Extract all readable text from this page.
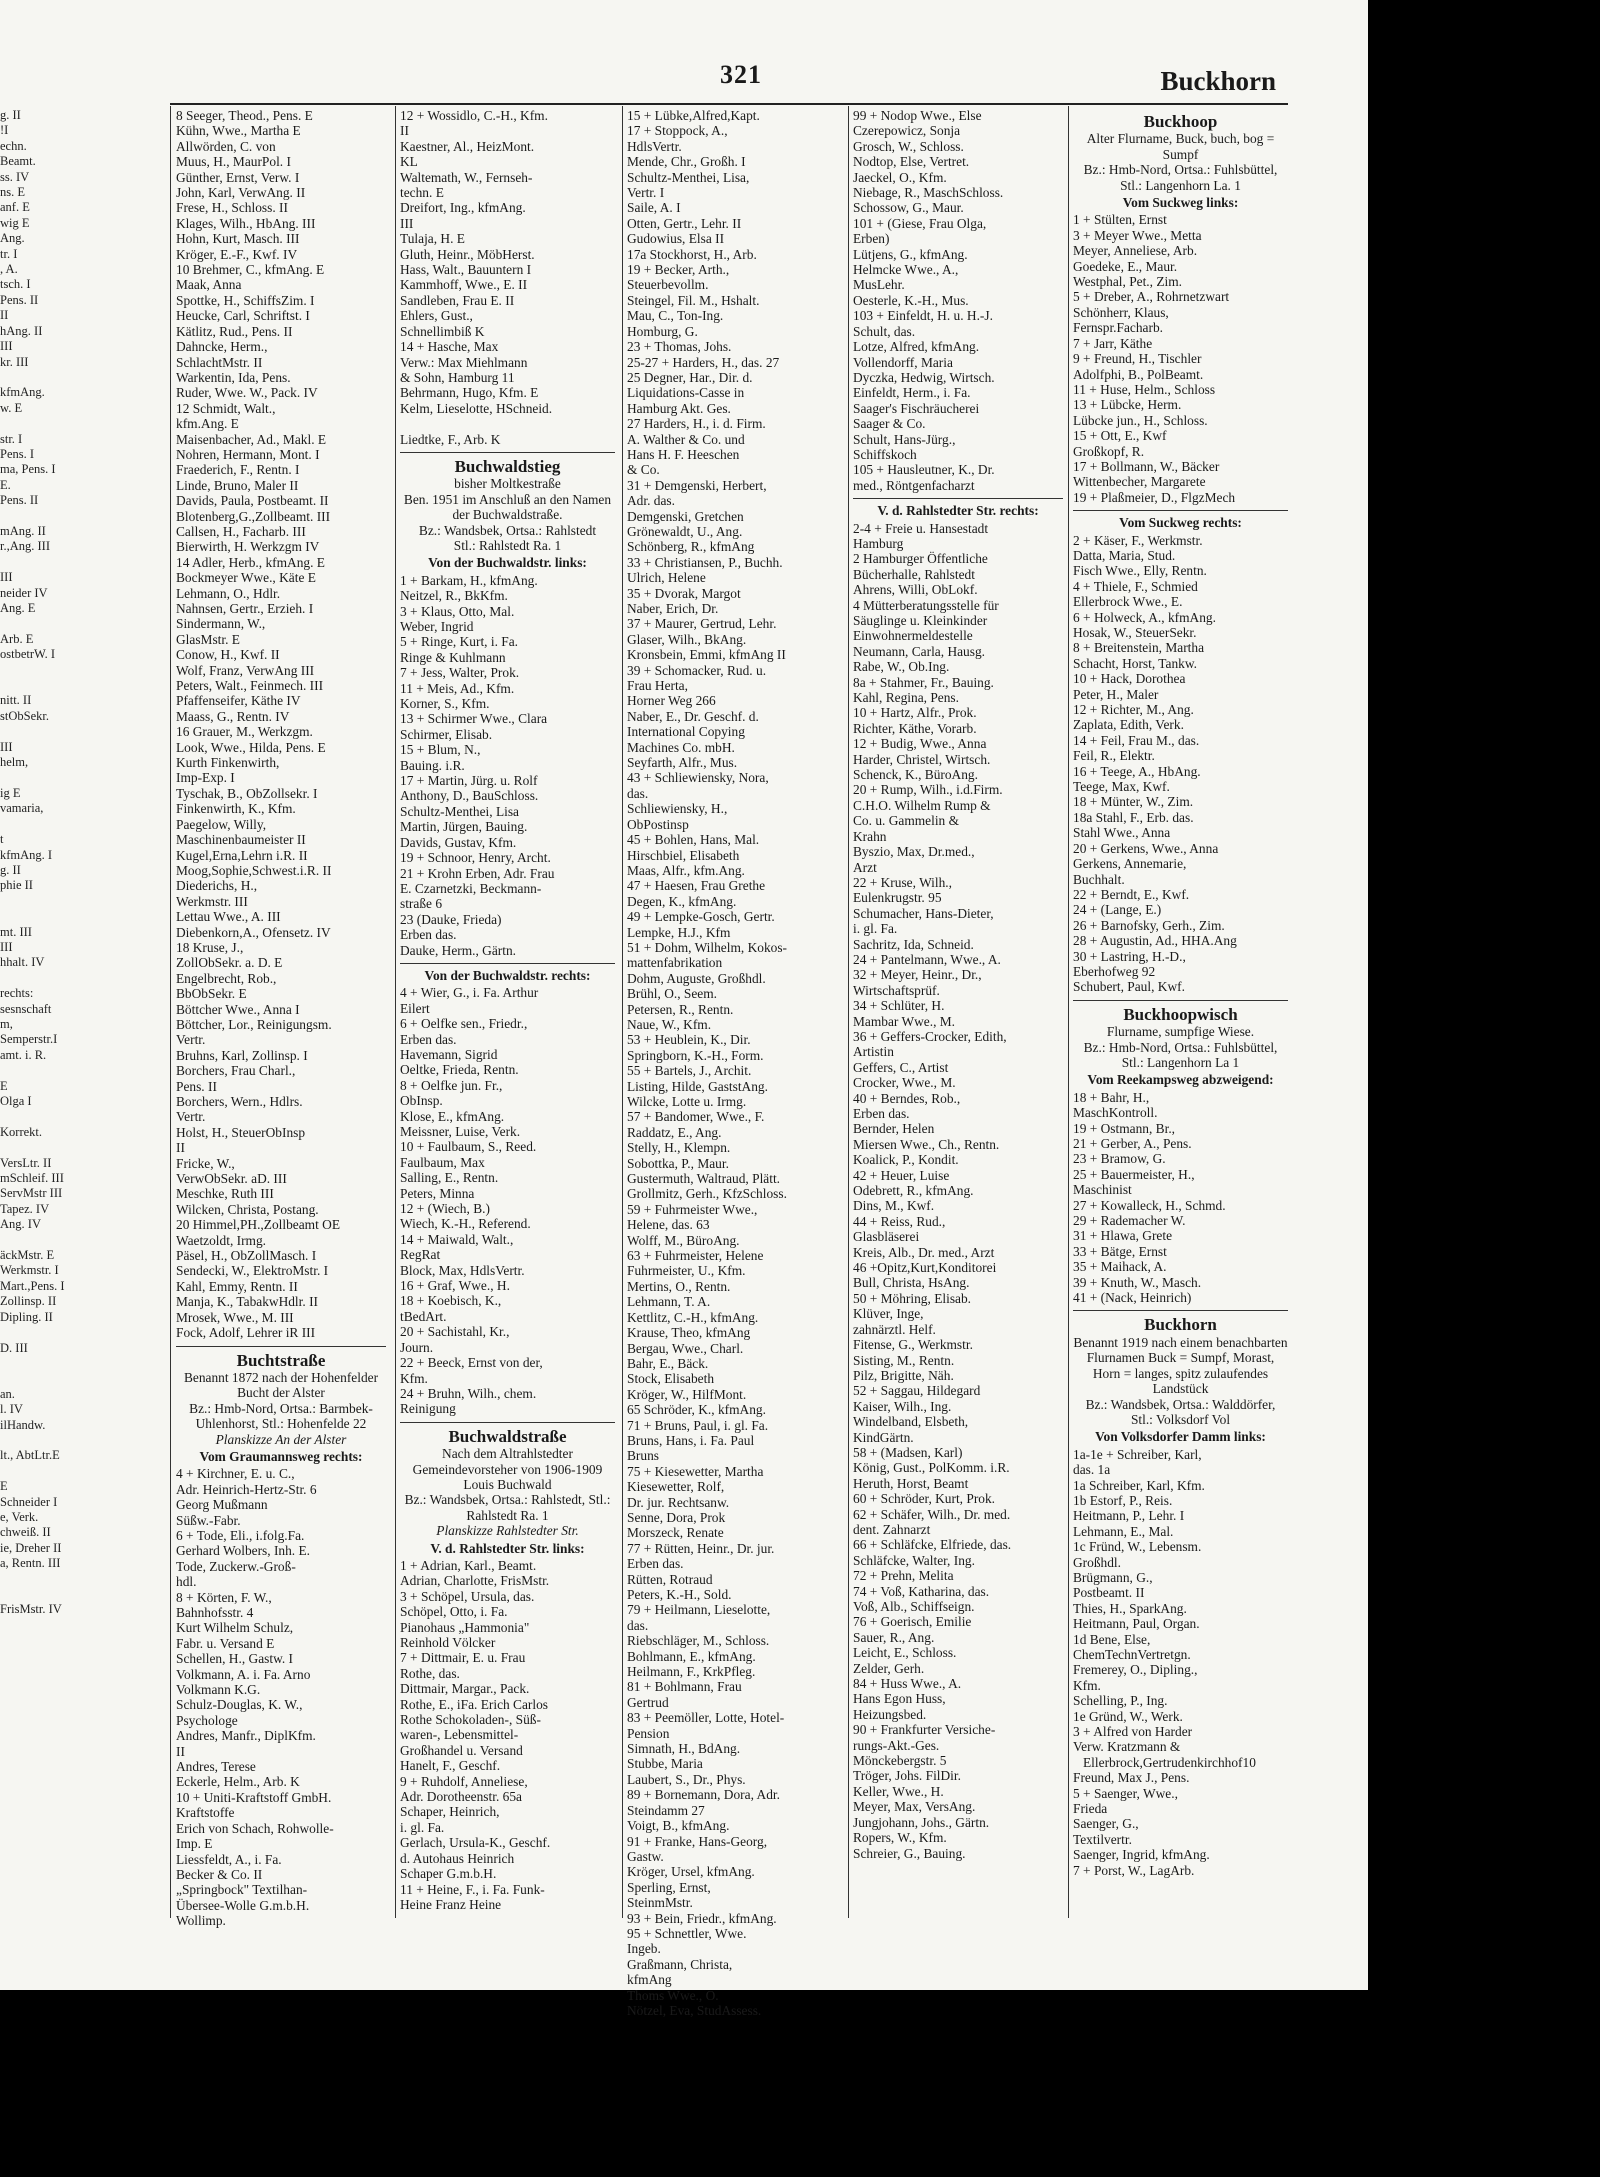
321	Buckhorn

g. II

!I

echn.

Beamt.

ss. IV

ns. E

anf. E

wig E

Ang.

tr. I

, A.

tsch. I

Pens. II

II

hAng. II

III

kr. III

kfmAng.

w. E

str. I

Pens. I

ma, Pens. I

E.

Pens. II

mAng. II

r.,Ang. III

III

neider IV

Ang. E

Arb. E

ostbetrW. I

nitt. II

stObSekr.

III

helm,

ig E

vamaria,

t

kfmAng. I

g. II

phie II

mt. III

III

hhalt. IV

rechts:

sesnschaft

m,

Semperstr.I

amt. i. R.

E

Olga I

Korrekt.

VersLtr. II

mSchleif. III

ServMstr III

Tapez. IV

Ang. IV

äckMstr. E

Werkmstr. I

Mart.,Pens. I

Zollinsp. II

Dipling. II

D. III

an.

l. IV

ilHandw.

lt., AbtLtr.E

E

Schneider I

e, Verk.

chweiß. II

ie, Dreher II

a, Rentn. III

FrisMstr. IV

8 Seeger, Theod., Pens. E

Kühn, Wwe., Martha E

Allwörden, C. von

Muus, H., MaurPol. I

Günther, Ernst, Verw. I

John, Karl, VerwAng. II

Frese, H., Schloss. II

Klages, Wilh., HbAng. III

Hohn, Kurt, Masch. III

Kröger, E.-F., Kwf. IV

10 Brehmer, C., kfmAng. E

Maak, Anna

Spottke, H., SchiffsZim. I

Heucke, Carl, Schriftst. I

Kätlitz, Rud., Pens. II

Dahncke, Herm.,

SchlachtMstr. II

Warkentin, Ida, Pens.

Ruder, Wwe. W., Pack. IV

12 Schmidt, Walt.,

kfm.Ang. E

Maisenbacher, Ad., Makl. E

Nohren, Hermann, Mont. I

Fraederich, F., Rentn. I

Linde, Bruno, Maler II

Davids, Paula, Postbeamt. II

Blotenberg,G.,Zollbeamt. III

Callsen, H., Facharb. III

Bierwirth, H. Werkzgm IV

14 Adler, Herb., kfmAng. E

Bockmeyer Wwe., Käte E

Lehmann, O., Hdlr.

Nahnsen, Gertr., Erzieh. I

Sindermann, W.,

GlasMstr. E

Conow, H., Kwf. II

Wolf, Franz, VerwAng III

Peters, Walt., Feinmech. III

Pfaffenseifer, Käthe IV

Maass, G., Rentn. IV

16 Grauer, M., Werkzgm.

Look, Wwe., Hilda, Pens. E

Kurth Finkenwirth,

Imp-Exp. I

Tyschak, B., ObZollsekr. I

Finkenwirth, K., Kfm.

Paegelow, Willy,

Maschinenbaumeister II

Kugel,Erna,Lehrn i.R. II

Moog,Sophie,Schwest.i.R. II

Diederichs, H.,

Werkmstr. III

Lettau Wwe., A. III

Diebenkorn,A., Ofensetz. IV

18 Kruse, J.,

ZollObSekr. a. D. E

Engelbrecht, Rob.,

BbObSekr. E

Böttcher Wwe., Anna I

Böttcher, Lor., Reinigungsm.

Vertr.

Bruhns, Karl, Zollinsp. I

Borchers, Frau Charl.,

Pens. II

Borchers, Wern., Hdlrs.

Vertr.

Holst, H., SteuerObInsp

II

Fricke, W.,

VerwObSekr. aD. III

Meschke, Ruth III

Wilcken, Christa, Postang.

20 Himmel,PH.,Zollbeamt OE

Waetzoldt, Irmg.

Päsel, H., ObZollMasch. I

Sendecki, W., ElektroMstr. I

Kahl, Emmy, Rentn. II

Manja, K., TabakwHdlr. II

Mrosek, Wwe., M. III

Fock, Adolf, Lehrer iR III

Buchtstraße

Benannt 1872 nach der Hohenfelder Bucht der Alster

Bz.: Hmb-Nord, Ortsa.: Barmbek-Uhlenhorst, Stl.: Hohenfelde 22

Planskizze An der Alster

Vom Graumannsweg rechts:

4 + Kirchner, E. u. C.,

Adr. Heinrich-Hertz-Str. 6

Georg Mußmann

Süßw.-Fabr.

6 + Tode, Eli., i.folg.Fa.

Gerhard Wolbers, Inh. E.

Tode, Zuckerw.-Groß-

hdl.

8 + Körten, F. W.,

Bahnhofsstr. 4

Kurt Wilhelm Schulz,

Fabr. u. Versand E

Schellen, H., Gastw. I

Volkmann, A. i. Fa. Arno

Volkmann K.G.

Schulz-Douglas, K. W.,

Psychologe

Andres, Manfr., DiplKfm.

II

Andres, Terese

Eckerle, Helm., Arb. K

10 + Uniti-Kraftstoff GmbH.

Kraftstoffe

Erich von Schach, Rohwolle-

Imp. E

Liessfeldt, A., i. Fa.

Becker & Co. II

„Springbock" Textilhan-

Übersee-Wolle G.m.b.H.

Wollimp.

12 + Wossidlo, C.-H., Kfm.

II

Kaestner, Al., HeizMont.

KL

Waltemath, W., Fernseh-

techn. E

Dreifort, Ing., kfmAng.

III

Tulaja, H. E

Gluth, Heinr., MöbHerst.

Hass, Walt., Bauuntern I

Kammhoff, Wwe., E. II

Sandleben, Frau E. II

Ehlers, Gust.,

Schnellimbiß K

14 + Hasche, Max

Verw.: Max Miehlmann

& Sohn, Hamburg 11

Behrmann, Hugo, Kfm. E

Kelm, Lieselotte, HSchneid.

Liedtke, F., Arb. K

Buchwaldstieg

bisher Moltkestraße

Ben. 1951 im Anschluß an den Namen der Buchwaldstraße.

Bz.: Wandsbek, Ortsa.: Rahlstedt

Stl.: Rahlstedt Ra. 1

Von der Buchwaldstr. links:

1 + Barkam, H., kfmAng.

Neitzel, R., BkKfm.

3 + Klaus, Otto, Mal.

Weber, Ingrid

5 + Ringe, Kurt, i. Fa.

Ringe & Kuhlmann

7 + Jess, Walter, Prok.

11 + Meis, Ad., Kfm.

Korner, S., Kfm.

13 + Schirmer Wwe., Clara

Schirmer, Elisab.

15 + Blum, N.,

Bauing. i.R.

17 + Martin, Jürg. u. Rolf

Anthony, D., BauSchloss.

Schultz-Menthei, Lisa

Martin, Jürgen, Bauing.

Davids, Gustav, Kfm.

19 + Schnoor, Henry, Archt.

21 + Krohn Erben, Adr. Frau

E. Czarnetzki, Beckmann-

straße 6

23 (Dauke, Frieda)

Erben das.

Dauke, Herm., Gärtn.

Von der Buchwaldstr. rechts:

4 + Wier, G., i. Fa. Arthur

Eilert

6 + Oelfke sen., Friedr.,

Erben das.

Havemann, Sigrid

Oeltke, Frieda, Rentn.

8 + Oelfke jun. Fr.,

ObInsp.

Klose, E., kfmAng.

Meissner, Luise, Verk.

10 + Faulbaum, S., Reed.

Faulbaum, Max

Salling, E., Rentn.

Peters, Minna

12 + (Wiech, B.)

Wiech, K.-H., Referend.

14 + Maiwald, Walt.,

RegRat

Block, Max, HdlsVertr.

16 + Graf, Wwe., H.

18 + Koebisch, K.,

tBedArt.

20 + Sachistahl, Kr.,

Journ.

22 + Beeck, Ernst von der,

Kfm.

24 + Bruhn, Wilh., chem.

Reinigung

Buchwaldstraße

Nach dem Altrahlstedter Gemeindevorsteher von 1906-1909 Louis Buchwald

Bz.: Wandsbek, Ortsa.: Rahlstedt, Stl.: Rahlstedt Ra. 1

Planskizze Rahlstedter Str.

V. d. Rahlstedter Str. links:

1 + Adrian, Karl., Beamt.

Adrian, Charlotte, FrisMstr.

3 + Schöpel, Ursula, das.

Schöpel, Otto, i. Fa.

Pianohaus „Hammonia"

Reinhold Völcker

7 + Dittmair, E. u. Frau

Rothe, das.

Dittmair, Margar., Pack.

Rothe, E., iFa. Erich Carlos

Rothe Schokoladen-, Süß-

waren-, Lebensmittel-

Großhandel u. Versand

Hanelt, F., Geschf.

9 + Ruhdolf, Anneliese,

Adr. Dorotheenstr. 65a

Schaper, Heinrich,

i. gl. Fa.

Gerlach, Ursula-K., Geschf.

d. Autohaus Heinrich

Schaper G.m.b.H.

11 + Heine, F., i. Fa. Funk-

Heine Franz Heine

15 + Lübke,Alfred,Kapt.

17 + Stoppock, A.,

HdlsVertr.

Mende, Chr., Großh. I

Schultz-Menthei, Lisa,

Vertr. I

Saile, A. I

Otten, Gertr., Lehr. II

Gudowius, Elsa II

17a Stockhorst, H., Arb.

19 + Becker, Arth.,

Steuerbevollm.

Steingel, Fil. M., Hshalt.

Mau, C., Ton-Ing.

Homburg, G.

23 + Thomas, Johs.

25-27 + Harders, H., das. 27

25 Degner, Har., Dir. d.

Liquidations-Casse in

Hamburg Akt. Ges.

27 Harders, H., i. d. Firm.

A. Walther & Co. und

Hans H. F. Heeschen

& Co.

31 + Demgenski, Herbert,

Adr. das.

Demgenski, Gretchen

Grönewaldt, U., Ang.

Schönberg, R., kfmAng

33 + Christiansen, P., Buchh.

Ulrich, Helene

35 + Dvorak, Margot

Naber, Erich, Dr.

37 + Maurer, Gertrud, Lehr.

Glaser, Wilh., BkAng.

Kronsbein, Emmi, kfmAng II

39 + Schomacker, Rud. u.

Frau Herta,

Horner Weg 266

Naber, E., Dr. Geschf. d.

International Copying

Machines Co. mbH.

Seyfarth, Alfr., Mus.

43 + Schliewiensky, Nora,

das.

Schliewiensky, H.,

ObPostinsp

45 + Bohlen, Hans, Mal.

Hirschbiel, Elisabeth

Maas, Alfr., kfm.Ang.

47 + Haesen, Frau Grethe

Degen, K., kfmAng.

49 + Lempke-Gosch, Gertr.

Lempke, H.J., Kfm

51 + Dohm, Wilhelm, Kokos-

mattenfabrikation

Dohm, Auguste, Großhdl.

Brühl, O., Seem.

Petersen, R., Rentn.

Naue, W., Kfm.

53 + Heublein, K., Dir.

Springborn, K.-H., Form.

55 + Bartels, J., Archit.

Listing, Hilde, GaststAng.

Wilcke, Lotte u. Irmg.

57 + Bandomer, Wwe., F.

Raddatz, E., Ang.

Stelly, H., Klempn.

Sobottka, P., Maur.

Gustermuth, Waltraud, Plätt.

Grollmitz, Gerh., KfzSchloss.

59 + Fuhrmeister Wwe.,

Helene, das. 63

Wolff, M., BüroAng.

63 + Fuhrmeister, Helene

Fuhrmeister, U., Kfm.

Mertins, O., Rentn.

Lehmann, T. A.

Kettlitz, C.-H., kfmAng.

Krause, Theo, kfmAng

Bergau, Wwe., Charl.

Bahr, E., Bäck.

Stock, Elisabeth

Kröger, W., HilfMont.

65 Schröder, K., kfmAng.

71 + Bruns, Paul, i. gl. Fa.

Bruns, Hans, i. Fa. Paul

Bruns

75 + Kiesewetter, Martha

Kiesewetter, Rolf,

Dr. jur. Rechtsanw.

Senne, Dora, Prok

Morszeck, Renate

77 + Rütten, Heinr., Dr. jur.

Erben das.

Rütten, Rotraud

Peters, K.-H., Sold.

79 + Heilmann, Lieselotte,

das.

Riebschläger, M., Schloss.

Bohlmann, E., kfmAng.

Heilmann, F., KrkPfleg.

81 + Bohlmann, Frau

Gertrud

83 + Peemöller, Lotte, Hotel-

Pension

Simnath, H., BdAng.

Stubbe, Maria

Laubert, S., Dr., Phys.

89 + Bornemann, Dora, Adr.

Steindamm 27

Voigt, B., kfmAng.

91 + Franke, Hans-Georg,

Gastw.

Kröger, Ursel, kfmAng.

Sperling, Ernst,

SteinmMstr.

93 + Bein, Friedr., kfmAng.

95 + Schnettler, Wwe.

Ingeb.

Graßmann, Christa,

kfmAng

Thoms Wwe., O.

Nötzel, Eva, StudAssess.

99 + Nodop Wwe., Else

Czerepowicz, Sonja

Grosch, W., Schloss.

Nodtop, Else, Vertret.

Jaeckel, O., Kfm.

Niebage, R., MaschSchloss.

Schossow, G., Maur.

101 + (Giese, Frau Olga,

Erben)

Lütjens, G., kfmAng.

Helmcke Wwe., A.,

MusLehr.

Oesterle, K.-H., Mus.

103 + Einfeldt, H. u. H.-J.

Schult, das.

Lotze, Alfred, kfmAng.

Vollendorff, Maria

Dyczka, Hedwig, Wirtsch.

Einfeldt, Herm., i. Fa.

Saager's Fischräucherei

Saager & Co.

Schult, Hans-Jürg.,

Schiffskoch

105 + Hausleutner, K., Dr.

med., Röntgenfacharzt

V. d. Rahlstedter Str. rechts:

2-4 + Freie u. Hansestadt

Hamburg

2 Hamburger Öffentliche

Bücherhalle, Rahlstedt

Ahrens, Willi, ObLokf.

4 Mütterberatungsstelle für

Säuglinge u. Kleinkinder

Einwohnermeldestelle

Neumann, Carla, Hausg.

Rabe, W., Ob.Ing.

8a + Stahmer, Fr., Bauing.

Kahl, Regina, Pens.

10 + Hartz, Alfr., Prok.

Richter, Käthe, Vorarb.

12 + Budig, Wwe., Anna

Harder, Christel, Wirtsch.

Schenck, K., BüroAng.

20 + Rump, Wilh., i.d.Firm.

C.H.O. Wilhelm Rump &

Co. u. Gammelin &

Krahn

Byszio, Max, Dr.med.,

Arzt

22 + Kruse, Wilh.,

Eulenkrugstr. 95

Schumacher, Hans-Dieter,

i. gl. Fa.

Sachritz, Ida, Schneid.

24 + Pantelmann, Wwe., A.

32 + Meyer, Heinr., Dr.,

Wirtschaftsprüf.

34 + Schlüter, H.

Mambar Wwe., M.

36 + Geffers-Crocker, Edith,

Artistin

Geffers, C., Artist

Crocker, Wwe., M.

40 + Berndes, Rob.,

Erben das.

Bernder, Helen

Miersen Wwe., Ch., Rentn.

Koalick, P., Kondit.

42 + Heuer, Luise

Odebrett, R., kfmAng.

Dins, M., Kwf.

44 + Reiss, Rud.,

Glasbläserei

Kreis, Alb., Dr. med., Arzt

46 +Opitz,Kurt,Konditorei

Bull, Christa, HsAng.

50 + Möhring, Elisab.

Klüver, Inge,

zahnärztl. Helf.

Fitense, G., Werkmstr.

Sisting, M., Rentn.

Pilz, Brigitte, Näh.

52 + Saggau, Hildegard

Kaiser, Wilh., Ing.

Windelband, Elsbeth,

KindGärtn.

58 + (Madsen, Karl)

König, Gust., PolKomm. i.R.

Heruth, Horst, Beamt

60 + Schröder, Kurt, Prok.

62 + Schäfer, Wilh., Dr. med.

dent. Zahnarzt

66 + Schläfcke, Elfriede, das.

Schläfcke, Walter, Ing.

72 + Prehn, Melita

74 + Voß, Katharina, das.

Voß, Alb., Schiffseign.

76 + Goerisch, Emilie

Sauer, R., Ang.

Leicht, E., Schloss.

Zelder, Gerh.

84 + Huss Wwe., A.

Hans Egon Huss,

Heizungsbed.

90 + Frankfurter Versiche-

rungs-Akt.-Ges.

Mönckebergstr. 5

Tröger, Johs. FilDir.

Keller, Wwe., H.

Meyer, Max, VersAng.

Jungjohann, Johs., Gärtn.

Ropers, W., Kfm.

Schreier, G., Bauing.

Buckhoop

Alter Flurname, Buck, buch, bog = Sumpf

Bz.: Hmb-Nord, Ortsa.: Fuhlsbüttel, Stl.: Langenhorn La. 1

Vom Suckweg links:

1 + Stülten, Ernst

3 + Meyer Wwe., Metta

Meyer, Anneliese, Arb.

Goedeke, E., Maur.

Westphal, Pet., Zim.

5 + Dreber, A., Rohrnetzwart

Schönherr, Klaus,

Fernspr.Facharb.

7 + Jarr, Käthe

9 + Freund, H., Tischler

Adolfphi, B., PolBeamt.

11 + Huse, Helm., Schloss

13 + Lübcke, Herm.

Lübcke jun., H., Schloss.

15 + Ott, E., Kwf

Großkopf, R.

17 + Bollmann, W., Bäcker

Wittenbecher, Margarete

19 + Plaßmeier, D., FlgzMech

Vom Suckweg rechts:

2 + Käser, F., Werkmstr.

Datta, Maria, Stud.

Fisch Wwe., Elly, Rentn.

4 + Thiele, F., Schmied

Ellerbrock Wwe., E.

6 + Holweck, A., kfmAng.

Hosak, W., SteuerSekr.

8 + Breitenstein, Martha

Schacht, Horst, Tankw.

10 + Hack, Dorothea

Peter, H., Maler

12 + Richter, M., Ang.

Zaplata, Edith, Verk.

14 + Feil, Frau M., das.

Feil, R., Elektr.

16 + Teege, A., HbAng.

Teege, Max, Kwf.

18 + Münter, W., Zim.

18a Stahl, F., Erb. das.

Stahl Wwe., Anna

20 + Gerkens, Wwe., Anna

Gerkens, Annemarie,

Buchhalt.

22 + Berndt, E., Kwf.

24 + (Lange, E.)

26 + Barnofsky, Gerh., Zim.

28 + Augustin, Ad., HHA.Ang

30 + Lastring, H.-D.,

Eberhofweg 92

Schubert, Paul, Kwf.

Buckhoopwisch

Flurname, sumpfige Wiese.

Bz.: Hmb-Nord, Ortsa.: Fuhlsbüttel, Stl.: Langenhorn La 1

Vom Reekampsweg abzweigend:

18 + Bahr, H.,

MaschKontroll.

19 + Ostmann, Br.,

21 + Gerber, A., Pens.

23 + Bramow, G.

25 + Bauermeister, H.,

Maschinist

27 + Kowalleck, H., Schmd.

29 + Rademacher W.

31 + Hlawa, Grete

33 + Bätge, Ernst

35 + Maihack, A.

39 + Knuth, W., Masch.

41 + (Nack, Heinrich)

Buckhorn

Benannt 1919 nach einem benachbarten Flurnamen Buck = Sumpf, Morast, Horn = langes, spitz zulaufendes Landstück

Bz.: Wandsbek, Ortsa.: Walddörfer, Stl.: Volksdorf Vol

Von Volksdorfer Damm links:

1a-1e + Schreiber, Karl,

das. 1a

1a Schreiber, Karl, Kfm.

1b Estorf, P., Reis.

Heitmann, P., Lehr. I

Lehmann, E., Mal.

1c Fründ, W., Lebensm.

Großhdl.

Brügmann, G.,

Postbeamt. II

Thies, H., SparkAng.

Heitmann, Paul, Organ.

1d Bene, Else,

ChemTechnVertretgn.

Fremerey, O., Dipling.,

Kfm.

Schelling, P., Ing.

1e Gründ, W., Werk.

3 + Alfred von Harder

Verw. Kratzmann & Ellerbrock,Gertrudenkirchhof10

Freund, Max J., Pens.

5 + Saenger, Wwe.,

Frieda

Saenger, G.,

Textilvertr.

Saenger, Ingrid, kfmAng.

7 + Porst, W., LagArb.
